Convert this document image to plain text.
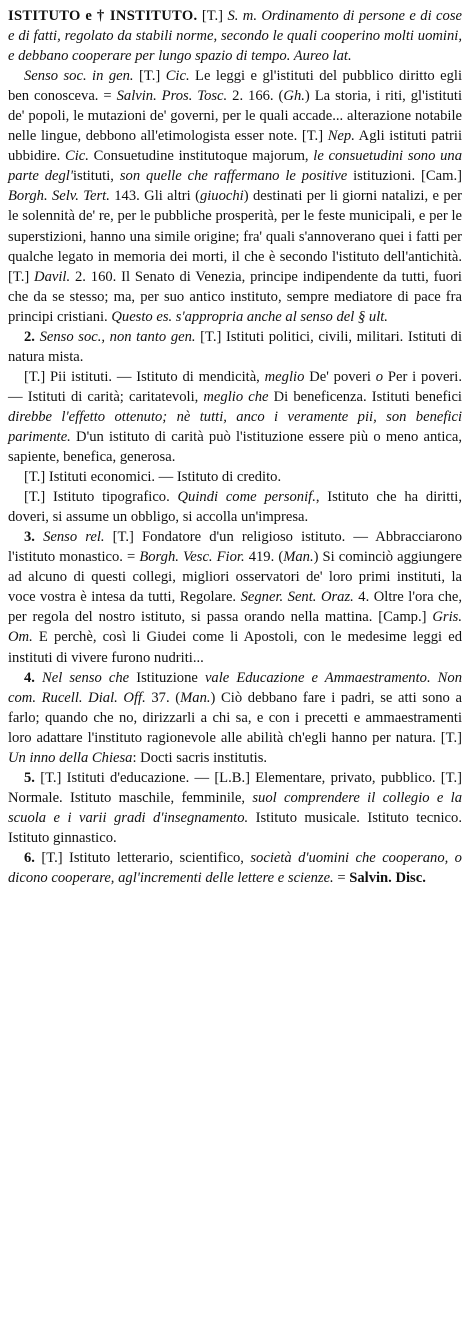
ISTITUTO e † INSTITUTO. [T.] S. m. Ordinamento di persone e di cose e di fatti, regolato da stabili norme, secondo le quali cooperino molti uomini, e debbano cooperare per lungo spazio di tempo. Aureo lat.

Senso soc. in gen. [T.] Cic. Le leggi e gl'istituti del pubblico diritto egli ben conosceva. = Salvin. Pros. Tosc. 2. 166. (Gh.) La storia, i riti, gl'istituti de' popoli, le mutazioni de' governi, per le quali accade... alterazione notabile nelle lingue, debbono all'etimologista esser note. [T.] Nep. Agli istituti patrii ubbidire. Cic. Consuetudine institutoque majorum, le consuetudini sono una parte degl'istituti, son quelle che raffermano le positive istituzioni. [Cam.] Borgh. Selv. Tert. 143. Gli altri (giuochi) destinati per li giorni natalizi, e per le solennità de' re, per le pubbliche prosperità, per le feste municipali, e per le superstizioni, hanno una simile origine; fra' quali s'annoverano quei i fatti per qualche legato in memoria dei morti, il che è secondo l'istituto dell'antichità. [T.] Davil. 2. 160. Il Senato di Venezia, principe indipendente da tutti, fuori che da se stesso; ma, per suo antico instituto, sempre mediatore di pace fra principi cristiani. Questo es. s'appropria anche al senso del § ult.

2. Senso soc., non tanto gen. [T.] Istituti politici, civili, militari. Istituti di natura mista.

[T.] Pii istituti. — Istituto di mendicità, meglio De' poveri o Per i poveri. — Istituti di carità; caritatevoli, meglio che Di beneficenza. Istituti benefici direbbe l'effetto ottenuto; nè tutti, anco i veramente pii, son benefici parimente. D'un istituto di carità può l'istituzione essere più o meno antica, sapiente, benefica, generosa.

[T.] Istituti economici. — Istituto di credito.

[T.] Istituto tipografico. Quindi come personif., Istituto che ha diritti, doveri, si assume un obbligo, si accolla un'impresa.

3. Senso rel. [T.] Fondatore d'un religioso istituto. — Abbracciarono l'istituto monastico. = Borgh. Vesc. Fior. 419. (Man.) Si cominciò aggiungere ad alcuno di questi collegi, migliori osservatori de' loro primi instituti, la voce vostra è intesa da tutti, Regolare. Segner. Sent. Oraz. 4. Oltre l'ora che, per regola del nostro istituto, si passa orando nella mattina. [Camp.] Gris. Om. E perchè, così li Giudei come li Apostoli, con le medesime leggi ed instituti di vivere furono nudriti...

4. Nel senso che Istituzione vale Educazione e Ammaestramento. Non com. Rucell. Dial. Off. 37. (Man.) Ciò debbano fare i padri, se atti sono a farlo; quando che no, dirizzarli a chi sa, e con i precetti e ammaestramenti loro adattare l'instituto ragionevole alle abilità ch'egli hanno per natura. [T.] Un inno della Chiesa: Docti sacris institutis.

5. [T.] Istituti d'educazione. — [L.B.] Elementare, privato, pubblico. [T.] Normale. Istituto maschile, femminile, suol comprendere il collegio e la scuola e i varii gradi d'insegnamento. Istituto musicale. Istituto tecnico. Istituto ginnastico.

6. [T.] Istituto letterario, scientifico, società d'uomini che cooperano, o dicono cooperare, agl'incrementi delle lettere e scienze. = Salvin. Disc.
